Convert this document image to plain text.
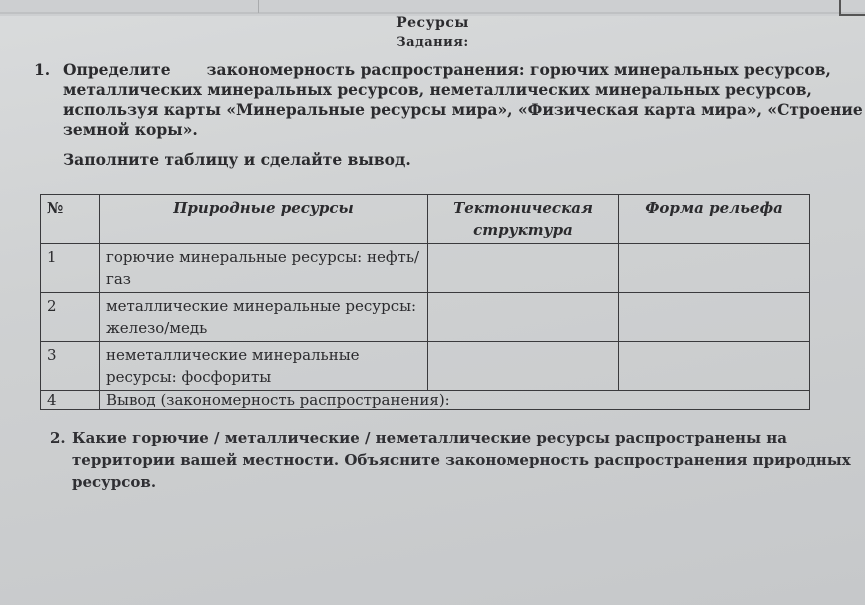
Ресурсы
Задания:
1. Определите закономерность распространения: горючих минеральных ресурсов,
металлических минеральных ресурсов, неметаллических минеральных ресурсов,
используя карты «Минеральные ресурсы мира», «Физическая карта мира», «Строение
земной коры».
Заполните таблицу и сделайте вывод.
№	Природные ресурсы	Тектоническая структура	Форма рельефа
1	горючие минеральные ресурсы: нефть/газ		
2	металлические минеральные ресурсы: железо/медь		
3	неметаллические минеральные ресурсы: фосфориты		
4	Вывод (закономерность распространения):		
2. Какие горючие / металлические / неметаллические ресурсы распространены на
территории вашей местности. Объясните закономерность распространения природных
ресурсов.
